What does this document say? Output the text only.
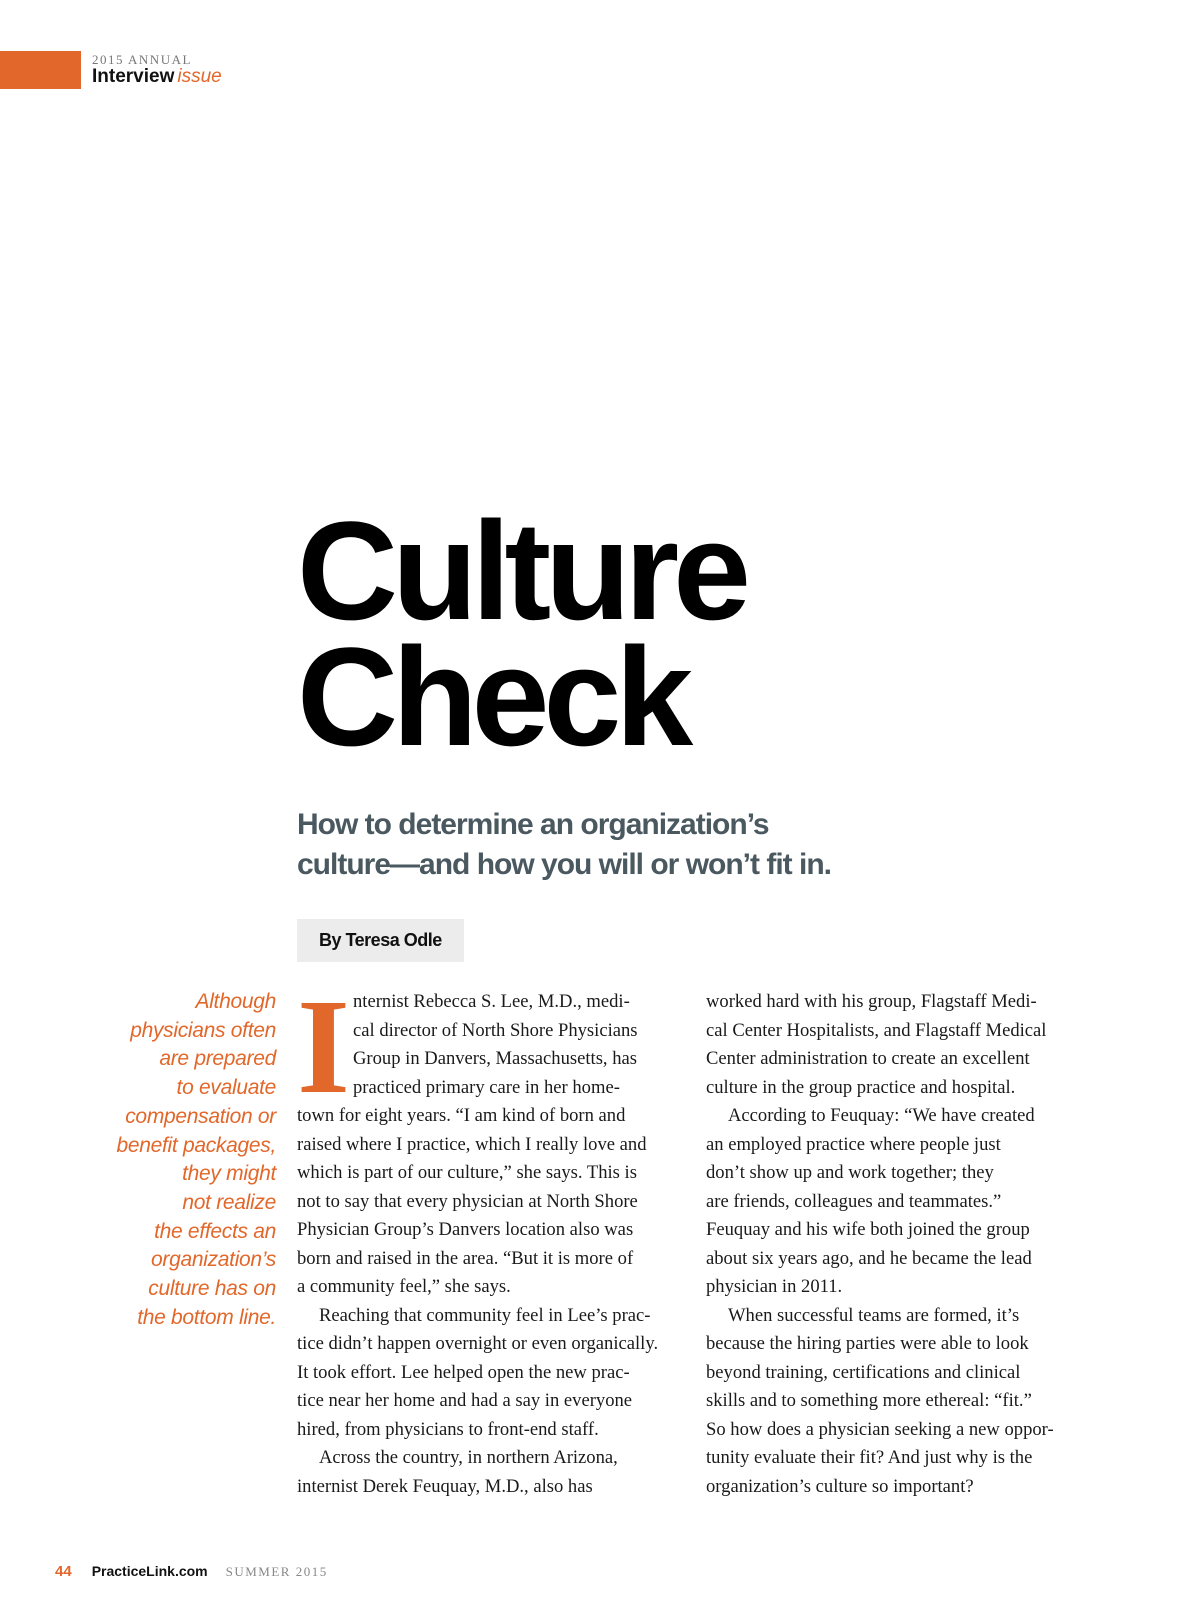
2015 ANNUAL
Interview issue
Culture
Check
How to determine an organization’s
culture—and how you will or won’t fit in.
By Teresa Odle

Although
physicians often
are prepared
to evaluate
compensation or
benefit packages,
they might
not realize
the effects an
organization’s
culture has on
the bottom line.

I nternist Rebecca S. Lee, M.D., medi-
cal director of North Shore Physicians
Group in Danvers, Massachusetts, has
practiced primary care in her home-
town for eight years. “I am kind of born and
raised where I practice, which I really love and
which is part of our culture,” she says. This is
not to say that every physician at North Shore
Physician Group’s Danvers location also was
born and raised in the area. “But it is more of
a community feel,” she says.
Reaching that community feel in Lee’s prac-
tice didn’t happen overnight or even organically.
It took effort. Lee helped open the new prac-
tice near her home and had a say in everyone
hired, from physicians to front-end staff.
Across the country, in northern Arizona,
internist Derek Feuquay, M.D., also has
worked hard with his group, Flagstaff Medi-
cal Center Hospitalists, and Flagstaff Medical
Center administration to create an excellent
culture in the group practice and hospital.
According to Feuquay: “We have created
an employed practice where people just
don’t show up and work together; they
are friends, colleagues and teammates.”
Feuquay and his wife both joined the group
about six years ago, and he became the lead
physician in 2011.
When successful teams are formed, it’s
because the hiring parties were able to look
beyond training, certifications and clinical
skills and to something more ethereal: “fit.”
So how does a physician seeking a new oppor-
tunity evaluate their fit? And just why is the
organization’s culture so important?
44 PracticeLink.com SUMMER 2015
